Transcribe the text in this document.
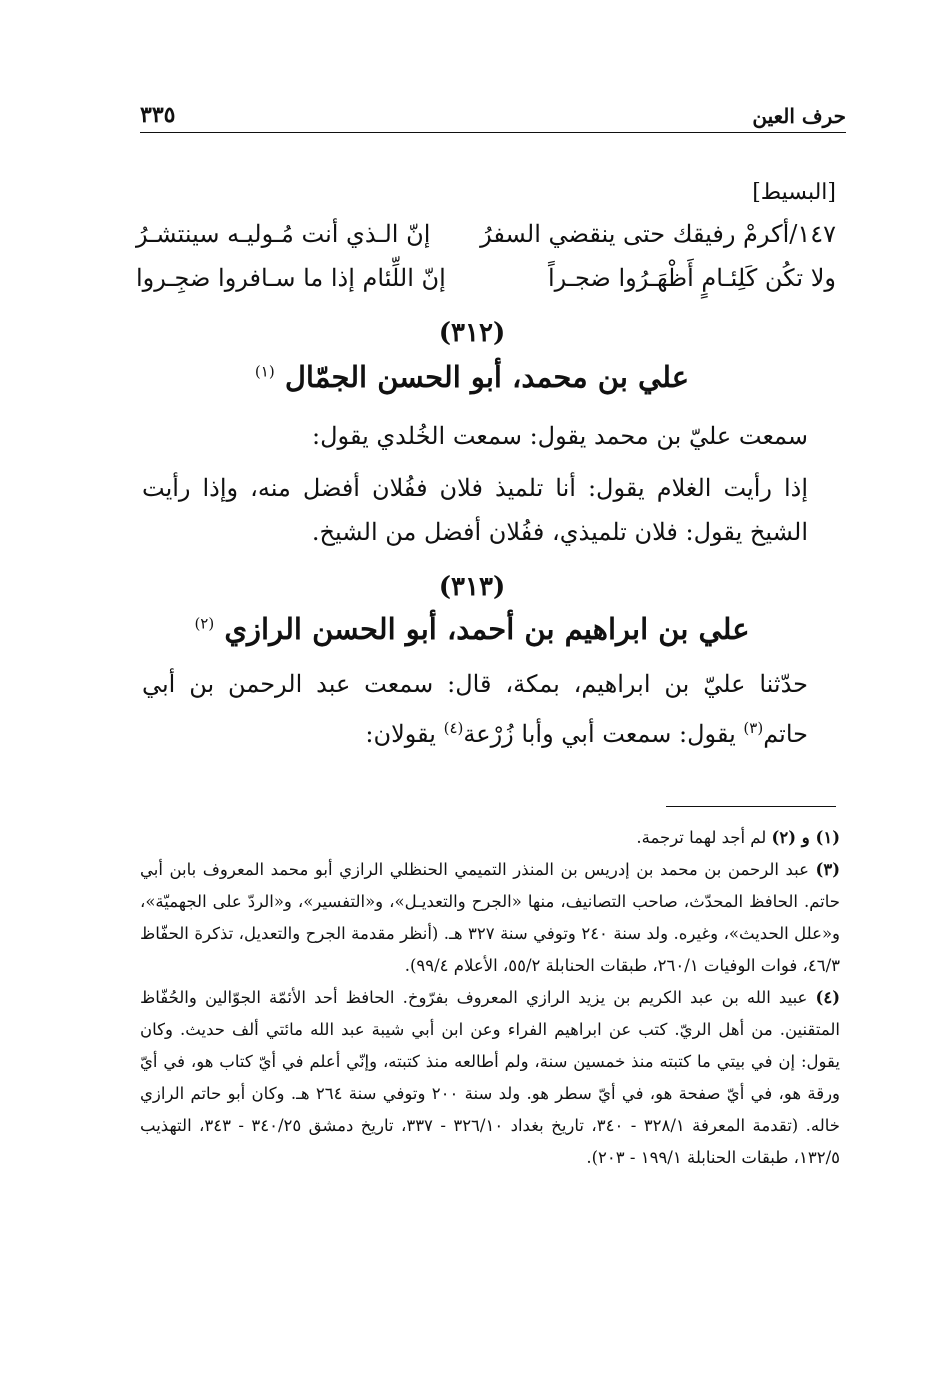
حرف العين
٣٣٥
[البسيط]
١٤٧/أكرمْ رفيقك حتى ينقضي السفرُ
إنّ الـذي أنت مُـوليـه سينتشـرُ
ولا تكُن كَلِئـامٍ أَظْهَـرُوا ضجـراً
إنّ اللِّئام إذا ما سـافروا ضجِـروا
(٣١٢)
علي بن محمد، أبو الحسن الجمّال $^{(١)}$
سمعت عليّ بن محمد يقول: سمعت الخُلدي يقول:
إذا رأيت الغلام يقول: أنا تلميذ فلان ففُلان أفضل منه، وإذا رأيت الشيخ يقول: فلان تلميذي، ففُلان أفضل من الشيخ.
(٣١٣)
علي بن ابراهيم بن أحمد، أبو الحسن الرازي $^{(٢)}$
حدّثنا عليّ بن ابراهيم، بمكة، قال: سمعت عبد الرحمن بن أبي حاتم$^{(٣)}$ يقول: سمعت أبي وأبا زُرْعة$^{(٤)}$ يقولان:

(١) و (٢) لم أجد لهما ترجمة.

(٣) عبد الرحمن بن محمد بن إدريس بن المنذر التميمي الحنظلي الرازي أبو محمد المعروف بابن أبي حاتم. الحافظ المحدّث، صاحب التصانيف، منها «الجرح والتعديـل»، و«التفسير»، و«الردّ على الجهميّة»، و«علل الحديث»، وغيره. ولد سنة ٢٤٠ وتوفي سنة ٣٢٧ هـ. (أنظر مقدمة الجرح والتعديل، تذكرة الحفّاظ ٤٦/٣، فوات الوفيات ٢٦٠/١، طبقات الحنابلة ٥٥/٢، الأعلام ٩٩/٤).

(٤) عبيد الله بن عبد الكريم بن يزيد الرازي المعروف بفرّوخ. الحافظ أحد الأئمّة الجوّالين والحُفّاظ المتقنين. من أهل الريّ. كتب عن ابراهيم الفراء وعن ابن أبي شيبة عبد الله مائتي ألف حديث. وكان يقول: إن في بيتي ما كتبته منذ خمسين سنة، ولم أطالعه منذ كتبته، وإنّي أعلم في أيّ كتاب هو، في أيّ ورقة هو، في أيّ صفحة هو، في أيّ سطر هو. ولد سنة ٢٠٠ وتوفي سنة ٢٦٤ هـ. وكان أبو حاتم الرازي خاله. (تقدمة المعرفة ٣٢٨/١ - ٣٤٠، تاريخ بغداد ٣٢٦/١٠ - ٣٣٧، تاريخ دمشق ٣٤٠/٢٥ - ٣٤٣، التهذيب ١٣٢/٥، طبقات الحنابلة ١٩٩/١ - ٢٠٣).
